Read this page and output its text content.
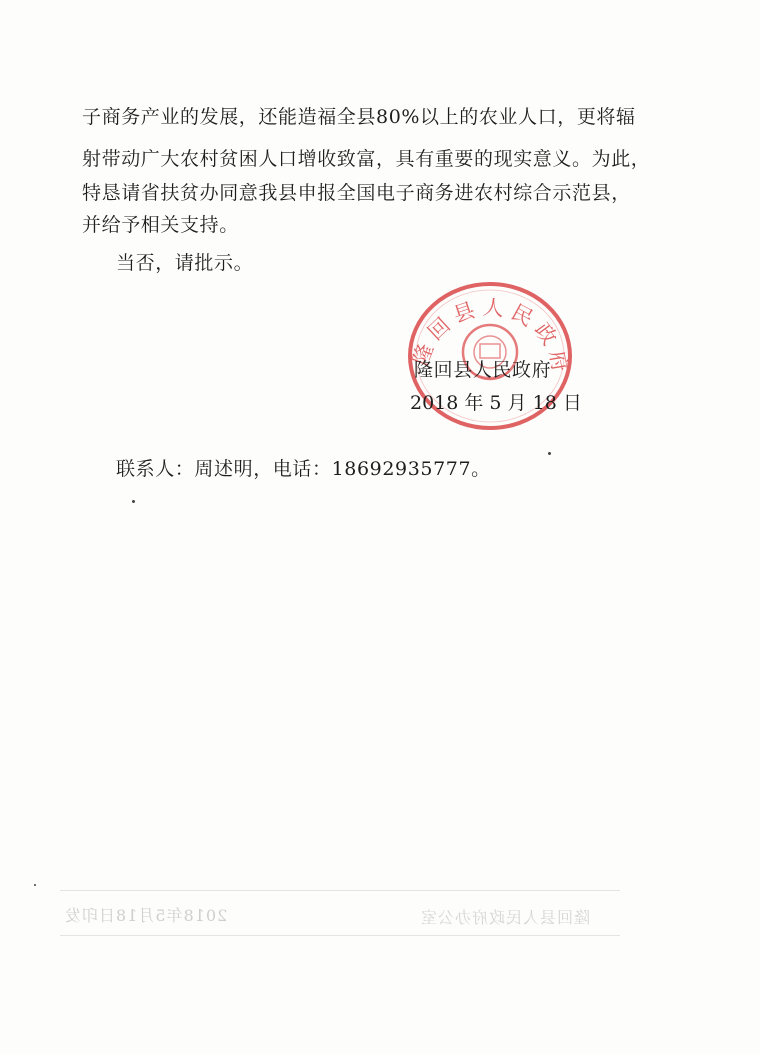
子商务产业的发展，还能造福全县80%以上的农业人口，更将辐
射带动广大农村贫困人口增收致富，具有重要的现实意义。为此，
特恳请省扶贫办同意我县申报全国电子商务进农村综合示范县，
并给予相关支持。
当否，请批示。
隆回县人民政府
隆回县人民政府
2018 年 5 月 18 日
联系人：周述明，电话：18692935777。
2018年5月18日印发	隆回县人民政府办公室
